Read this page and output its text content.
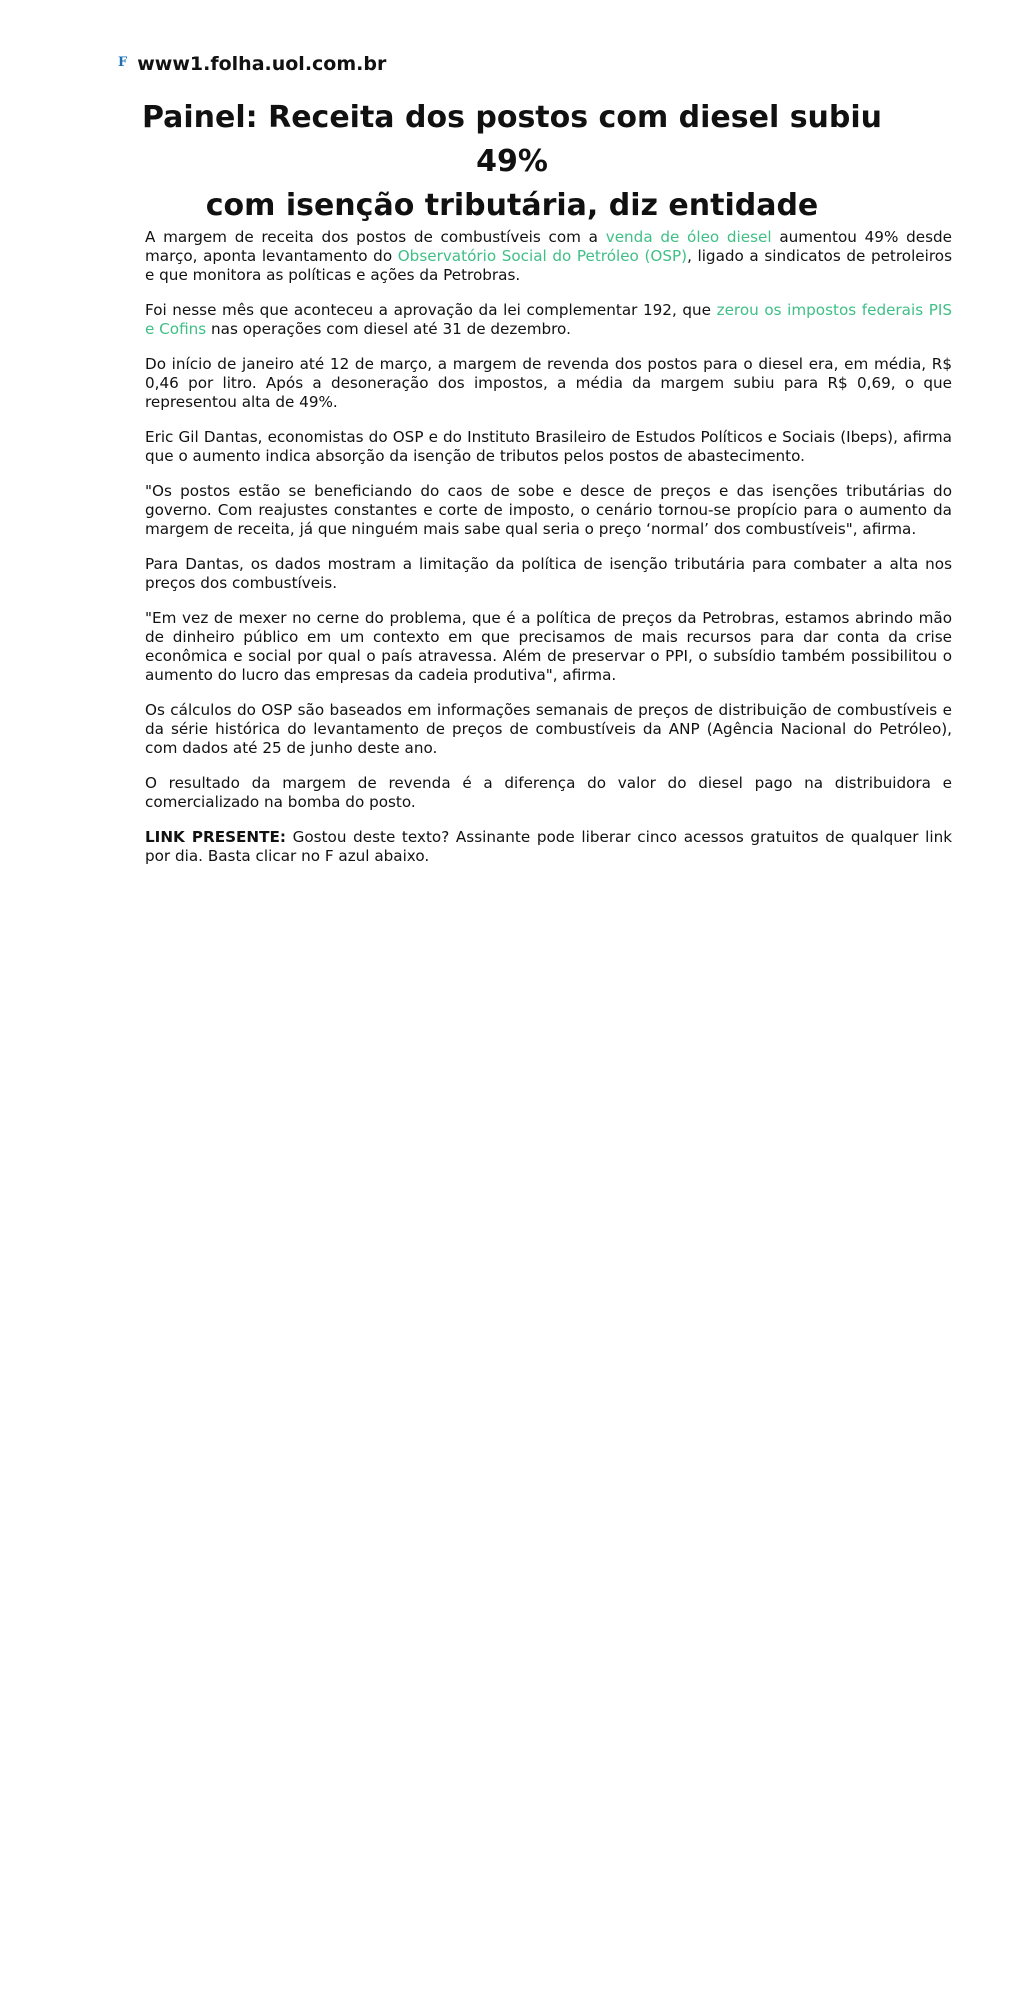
F www1.folha.uol.com.br
Painel: Receita dos postos com diesel subiu 49%
com isenção tributária, diz entidade

A margem de receita dos postos de combustíveis com a venda de óleo diesel aumentou 49% desde março, aponta levantamento do Observatório Social do Petróleo (OSP), ligado a sindicatos de petroleiros e que monitora as políticas e ações da Petrobras.

Foi nesse mês que aconteceu a aprovação da lei complementar 192, que zerou os impostos federais PIS e Cofins nas operações com diesel até 31 de dezembro.

Do início de janeiro até 12 de março, a margem de revenda dos postos para o diesel era, em média, R$ 0,46 por litro. Após a desoneração dos impostos, a média da margem subiu para R$ 0,69, o que representou alta de 49%.

Eric Gil Dantas, economistas do OSP e do Instituto Brasileiro de Estudos Políticos e Sociais (Ibeps), afirma que o aumento indica absorção da isenção de tributos pelos postos de abastecimento.

"Os postos estão se beneficiando do caos de sobe e desce de preços e das isenções tributárias do governo. Com reajustes constantes e corte de imposto, o cenário tornou-se propício para o aumento da margem de receita, já que ninguém mais sabe qual seria o preço ‘normal’ dos combustíveis", afirma.

Para Dantas, os dados mostram a limitação da política de isenção tributária para combater a alta nos preços dos combustíveis.

"Em vez de mexer no cerne do problema, que é a política de preços da Petrobras, estamos abrindo mão de dinheiro público em um contexto em que precisamos de mais recursos para dar conta da crise econômica e social por qual o país atravessa. Além de preservar o PPI, o subsídio também possibilitou o aumento do lucro das empresas da cadeia produtiva", afirma.

Os cálculos do OSP são baseados em informações semanais de preços de distribuição de combustíveis e da série histórica do levantamento de preços de combustíveis da ANP (Agência Nacional do Petróleo), com dados até 25 de junho deste ano.

O resultado da margem de revenda é a diferença do valor do diesel pago na distribuidora e comercializado na bomba do posto.

LINK PRESENTE: Gostou deste texto? Assinante pode liberar cinco acessos gratuitos de qualquer link por dia. Basta clicar no F azul abaixo.
